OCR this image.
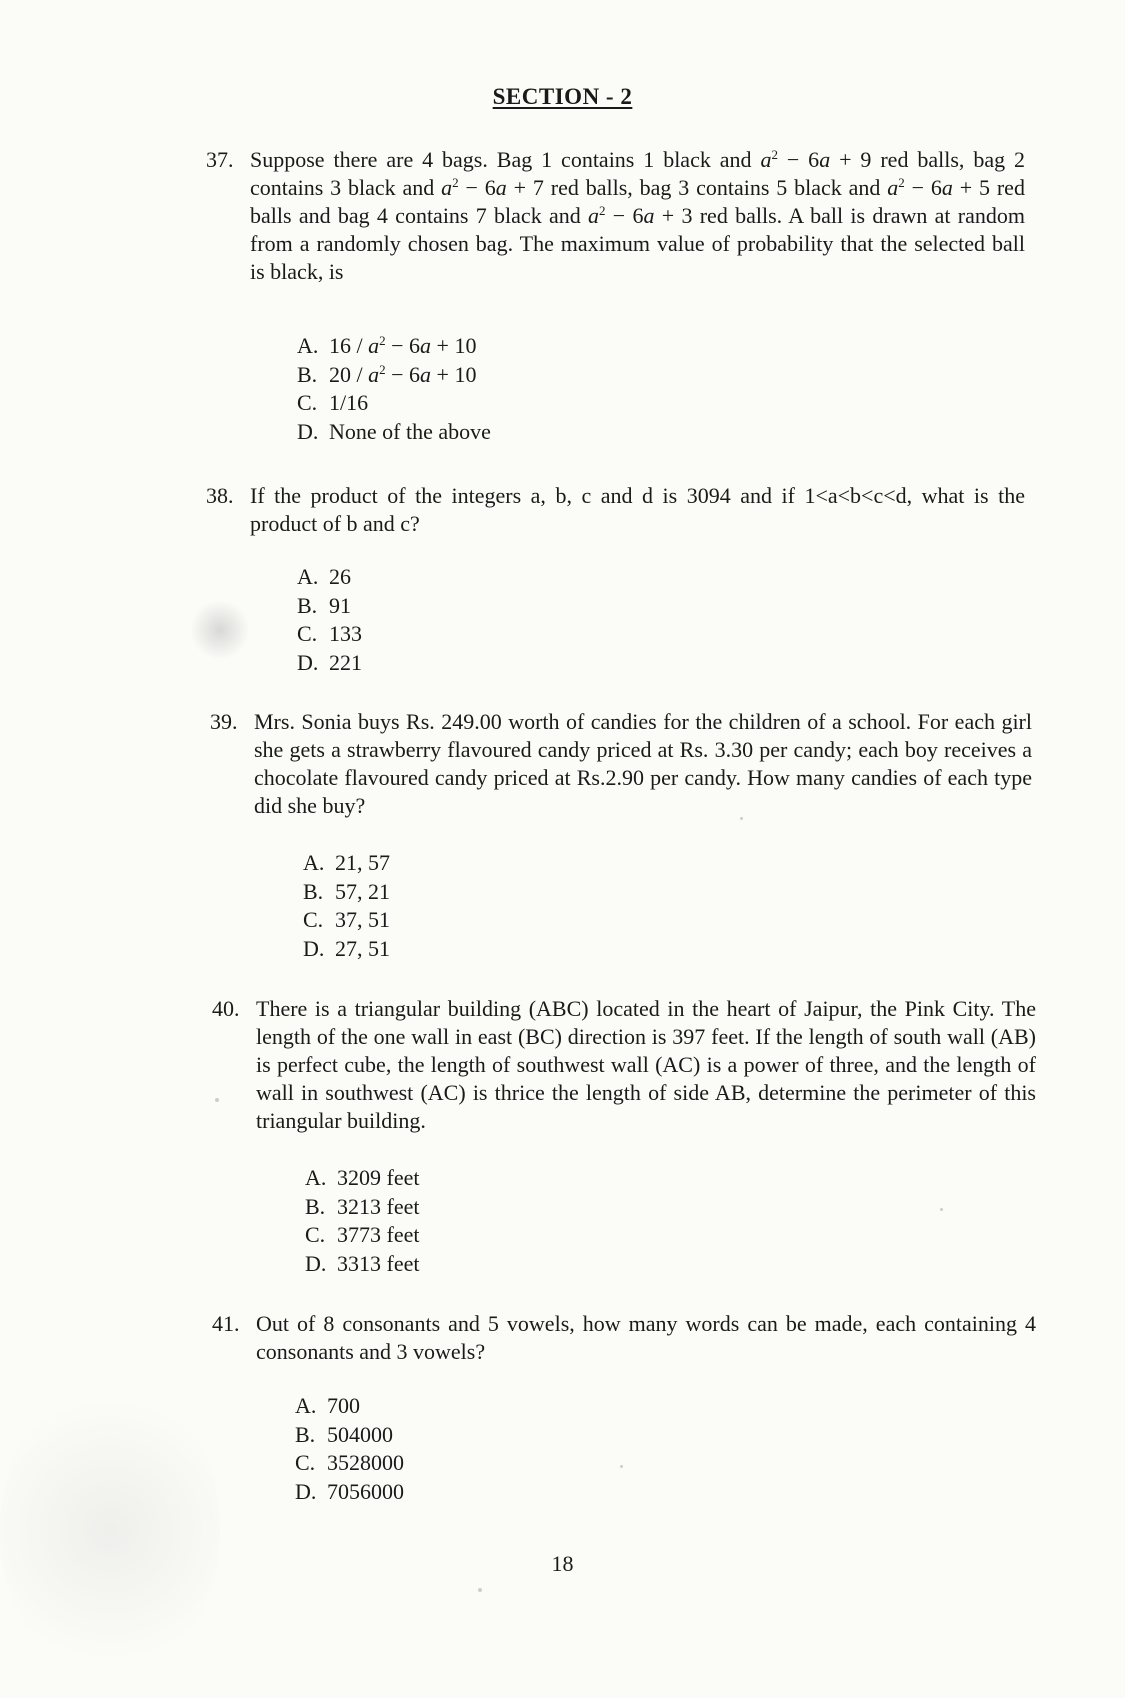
SECTION - 2
37. Suppose there are 4 bags. Bag 1 contains 1 black and $a^2 - 6a + 9$ red balls, bag 2 contains 3 black and $a^2 - 6a + 7$ red balls, bag 3 contains 5 black and $a^2 - 6a + 5$ red balls and bag 4 contains 7 black and $a^2 - 6a + 3$ red balls. A ball is drawn at random from a randomly chosen bag. The maximum value of probability that the selected ball is black, is
A. $16 / a^2 - 6a + 10$
B. $20 / a^2 - 6a + 10$
C. 1/16
D. None of the above
38. If the product of the integers a, b, c and d is 3094 and if 1<a<b<c<d, what is the product of b and c?
A. 26
B. 91
C. 133
D. 221
39. Mrs. Sonia buys Rs. 249.00 worth of candies for the children of a school. For each girl she gets a strawberry flavoured candy priced at Rs. 3.30 per candy; each boy receives a chocolate flavoured candy priced at Rs.2.90 per candy. How many candies of each type did she buy?
A. 21, 57
B. 57, 21
C. 37, 51
D. 27, 51
40. There is a triangular building (ABC) located in the heart of Jaipur, the Pink City. The length of the one wall in east (BC) direction is 397 feet. If the length of south wall (AB) is perfect cube, the length of southwest wall (AC) is a power of three, and the length of wall in southwest (AC) is thrice the length of side AB, determine the perimeter of this triangular building.
A. 3209 feet
B. 3213 feet
C. 3773 feet
D. 3313 feet
41. Out of 8 consonants and 5 vowels, how many words can be made, each containing 4 consonants and 3 vowels?
A. 700
B. 504000
C. 3528000
D. 7056000
18
